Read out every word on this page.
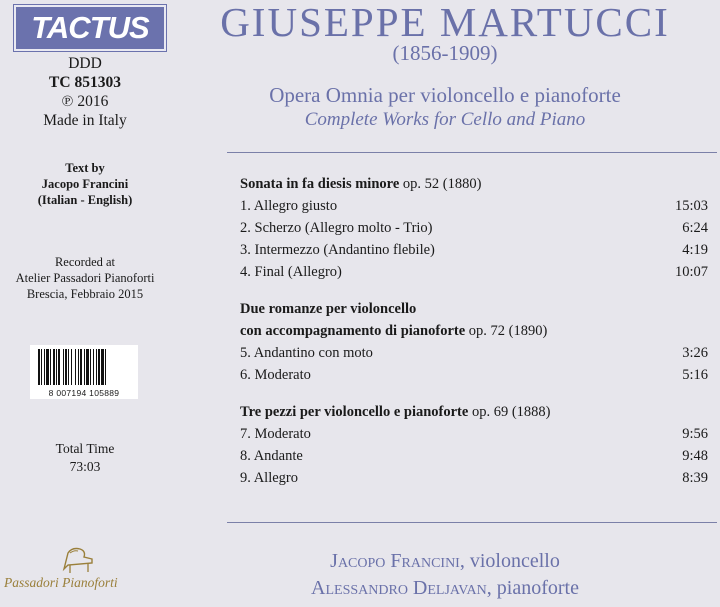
TACTUS
DDD
TC 851303
℗ 2016
Made in Italy
Text by
Jacopo Francini
(Italian - English)
Recorded at
Atelier Passadori Pianoforti
Brescia, Febbraio 2015
8 007194 105889
Total Time
73:03
Passadori Pianoforti
GIUSEPPE MARTUCCI
(1856-1909)
Opera Omnia per violoncello e pianoforte
Complete Works for Cello and Piano
Sonata in fa diesis minore op. 52 (1880)
1. Allegro giusto	15:03
2. Scherzo (Allegro molto - Trio)	6:24
3. Intermezzo (Andantino flebile)	4:19
4. Final (Allegro)	10:07
Due romanze per violoncello
con accompagnamento di pianoforte op. 72 (1890)
5. Andantino con moto	3:26
6. Moderato	5:16
Tre pezzi per violoncello e pianoforte op. 69 (1888)
7. Moderato	9:56
8. Andante	9:48
9. Allegro	8:39
Jacopo Francini, violoncello
Alessandro Deljavan, pianoforte
